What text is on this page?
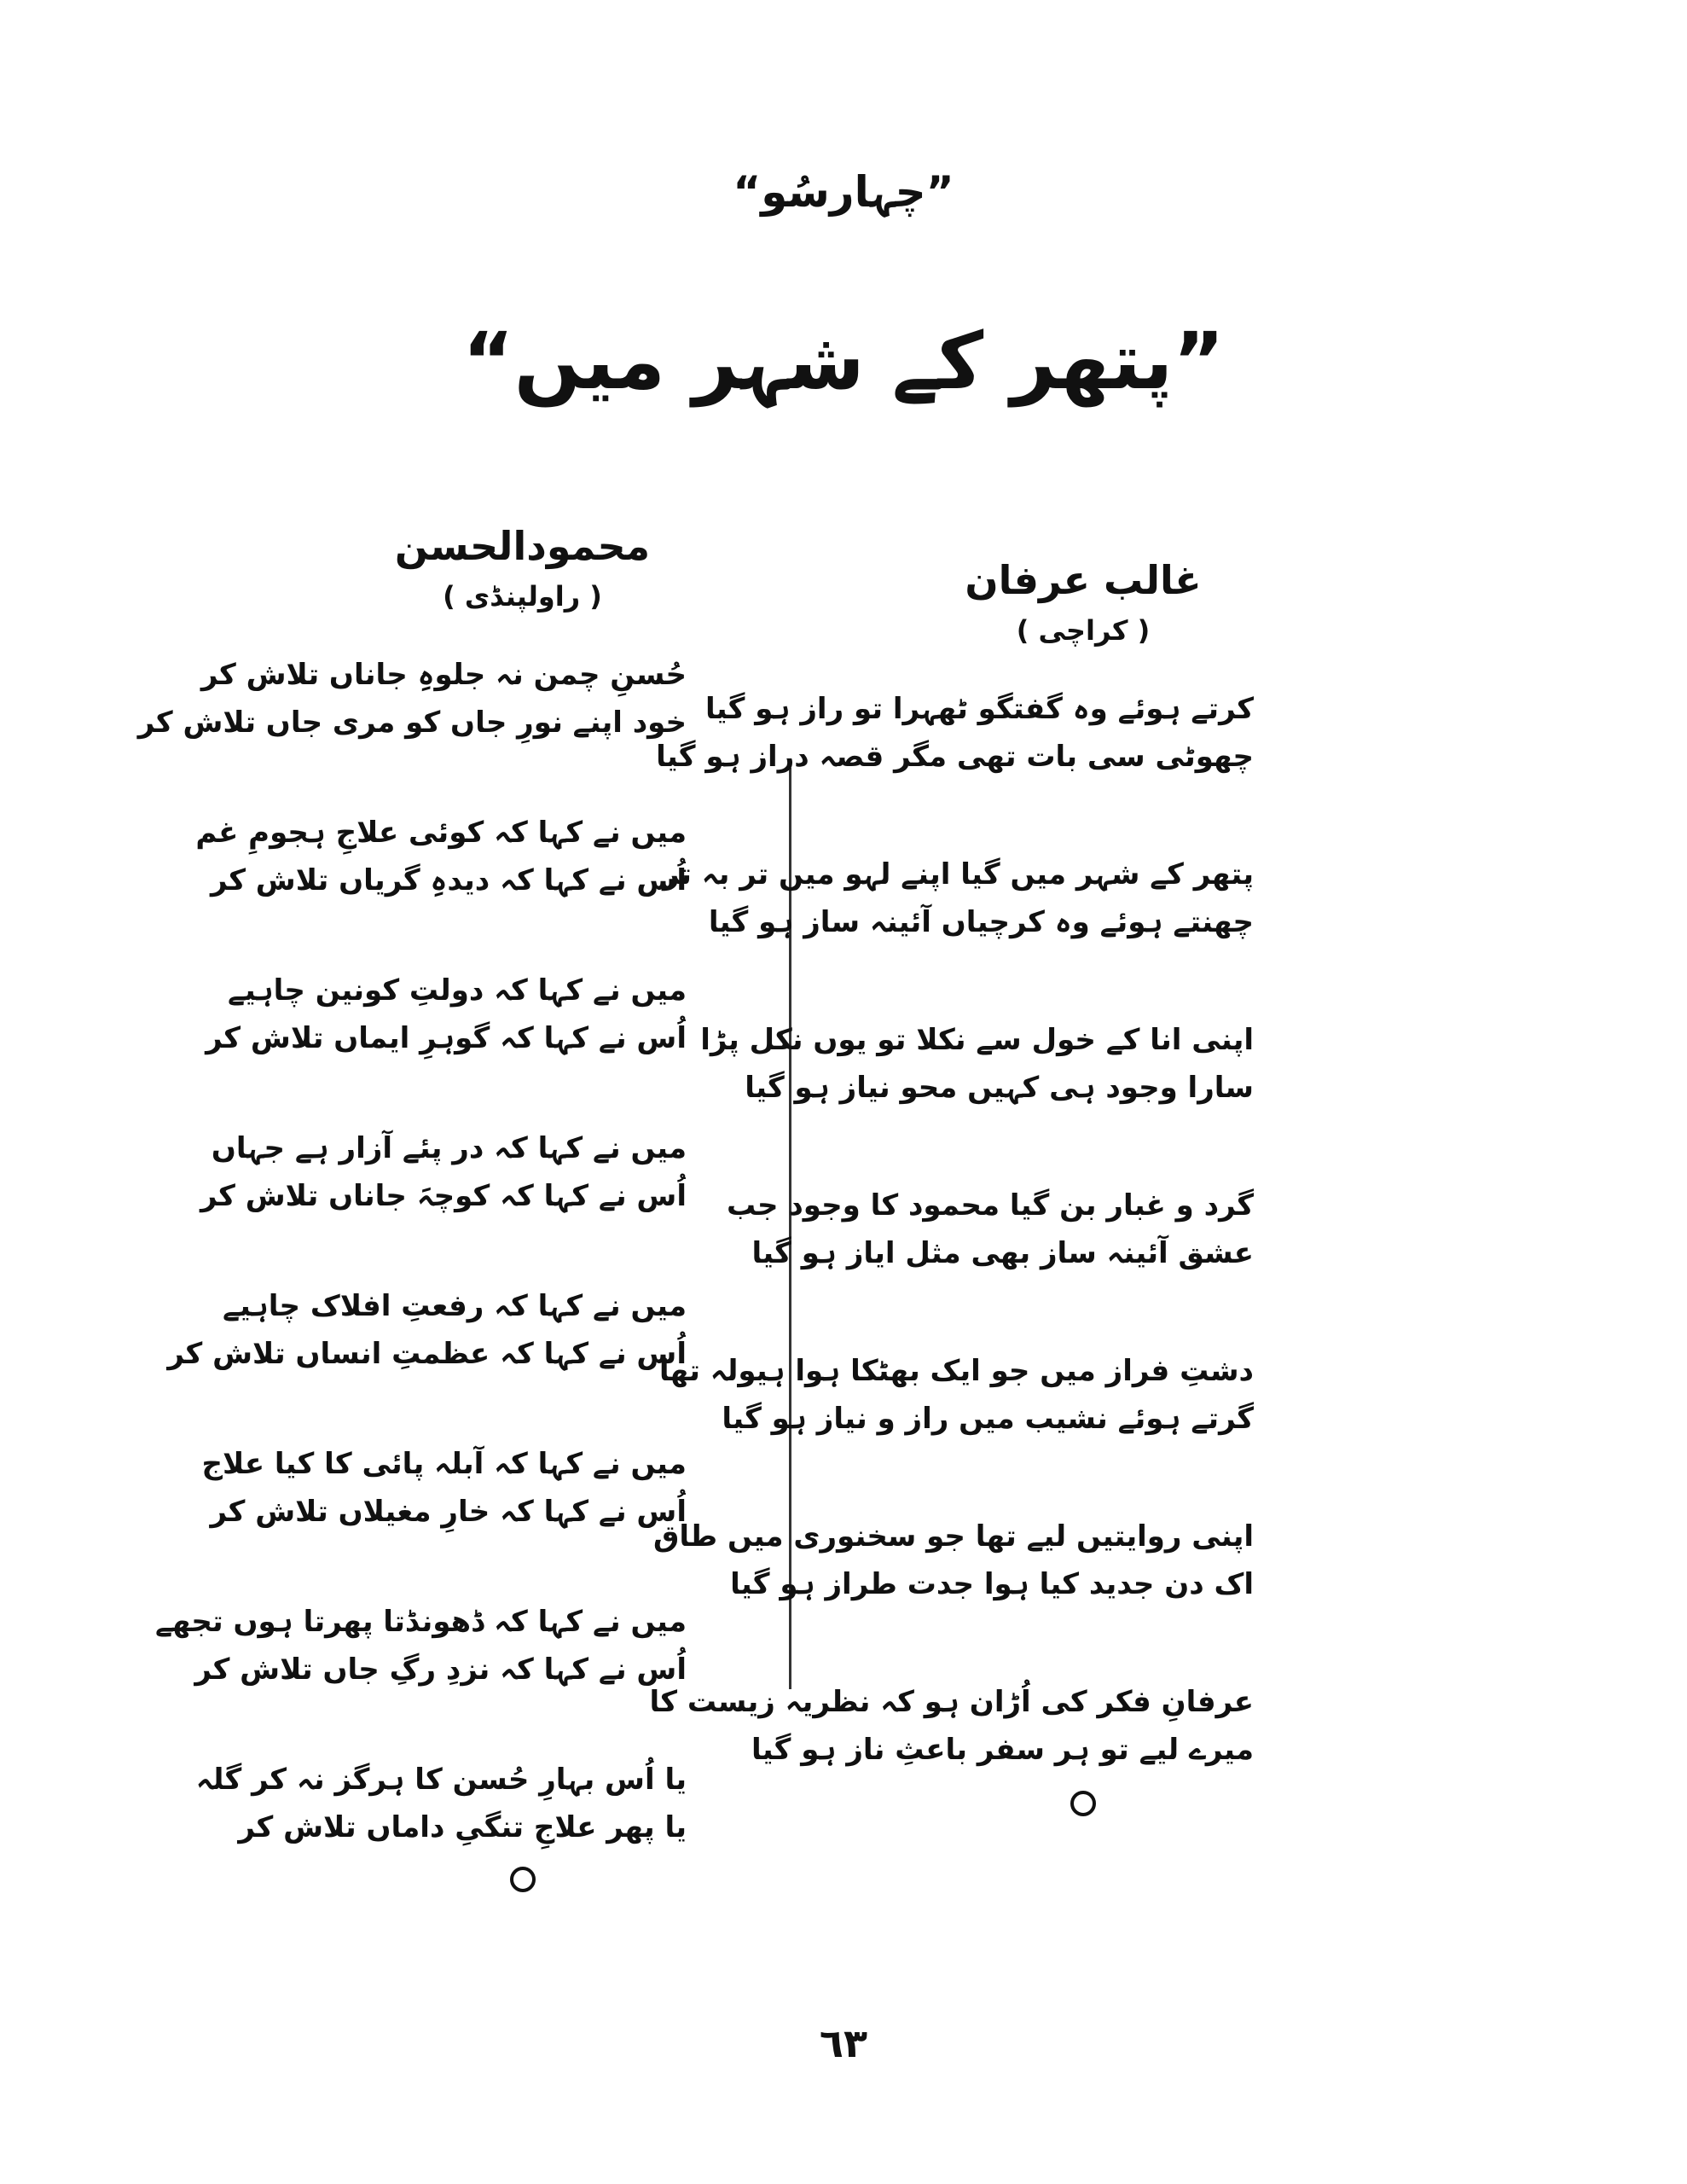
”چہارسُو“
”پتھر کے شہر میں“
محمودالحسن
( راولپنڈی )
حُسنِ چمن نہ جلوہِ جاناں تلاش کر
خود اپنے نورِ جاں کو مری جاں تلاش کر
میں نے کہا کہ کوئی علاجِ ہجومِ غم
اُس نے کہا کہ دیدہِ گریاں تلاش کر
میں نے کہا کہ دولتِ کونین چاہیے
اُس نے کہا کہ گوہرِ ایماں تلاش کر
میں نے کہا کہ در پئے آزار ہے جہاں
اُس نے کہا کہ کوچہَ جاناں تلاش کر
میں نے کہا کہ رفعتِ افلاک چاہیے
اُس نے کہا کہ عظمتِ انساں تلاش کر
میں نے کہا کہ آبلہ پائی کا کیا علاج
اُس نے کہا کہ خارِ مغیلاں تلاش کر
میں نے کہا کہ ڈھونڈتا پھرتا ہوں تجھے
اُس نے کہا کہ نزدِ رگِ جاں تلاش کر
یا اُس بہارِ حُسن کا ہرگز نہ کر گلہ
یا پھر علاجِ تنگیِ داماں تلاش کر
غالب عرفان
( کراچی )
کرتے ہوئے وہ گفتگو ٹھہرا تو راز ہو گیا
چھوٹی سی بات تھی مگر قصہ دراز ہو گیا
پتھر کے شہر میں گیا اپنے لہو میں تر بہ تر
چھنتے ہوئے وہ کرچیاں آئینہ ساز ہو گیا
اپنی انا کے خول سے نکلا تو یوں نکل پڑا
سارا وجود ہی کہیں محو نیاز ہو گیا
گرد و غبار بن گیا محمود کا وجود جب
عشق آئینہ ساز بھی مثل ایاز ہو گیا
دشتِ فراز میں جو ایک بھٹکا ہوا ہیولہ تھا
گرتے ہوئے نشیب میں راز و نیاز ہو گیا
اپنی روایتیں لیے تھا جو سخنوری میں طاق
اک دن جدید کیا ہوا جدت طراز ہو گیا
عرفانِ فکر کی اُڑان ہو کہ نظریہ زیست کا
میرے لیے تو ہر سفر باعثِ ناز ہو گیا
٦٣
